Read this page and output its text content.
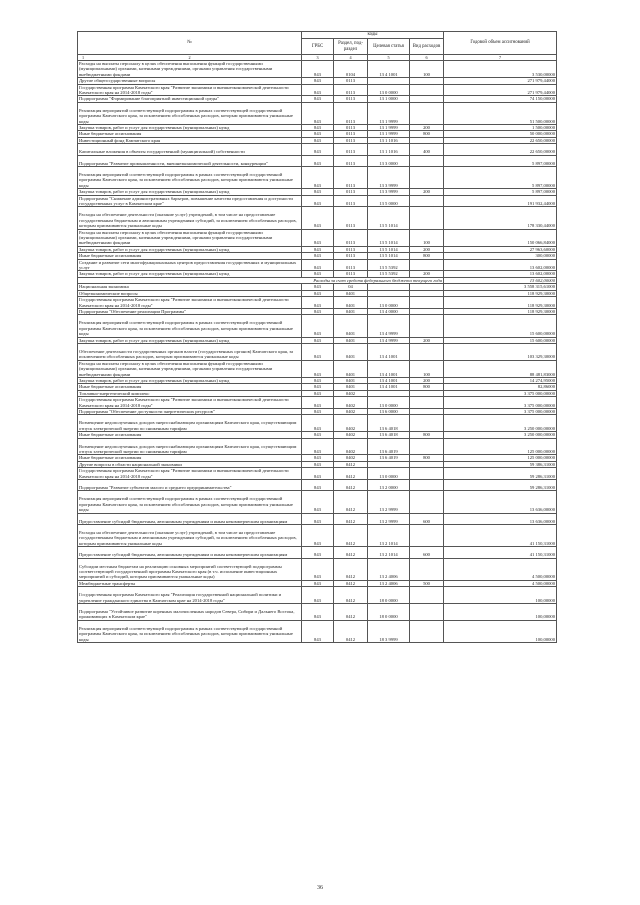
№	коды				Годовой объем ассигнований
	ГРБС	Раздел, под- раздел	Целевая статья	Вид расходов	

1 2	3	4	5	6	7
Расходы на выплаты персоналу в целях обеспечения выполнения функций государственными (муниципальными) органами, казенными учреждениями, органами управления государственными внебюджетными фондами	843	0104	13 4 1001	100	3 530,00000
Другие общегосударственные вопросы	843	0113			271 979,44000
Государственная программа Камчатского края "Развитие экономики и внешнеэкономической деятельности Камчатского края на 2014-2018 годы"	843	0113	13 0 0000		271 979,44000
Подпрограмма "Формирование благоприятной инвестиционной среды"	843	0113	13 1 0000		74 150,00000
Реализация мероприятий соответствующей подпрограммы в рамках соответствующей государственной программы Камчатского края, за исключением обособленных расходов, которым присваиваются уникальные коды	843	0113	13 1 9999		51 500,00000
Закупка товаров, работ и услуг для государственных (муниципальных) нужд	843	0113	13 1 9999	200	1 500,00000
Иные бюджетные ассигнования	843	0113	13 1 9999	800	50 000,00000
Инвестиционный фонд Камчатского края	843	0113	13 1 1016		22 650,00000
Капитальные вложения в объекты государственной (муниципальной) собственности	843	0113	13 1 1016	400	22 650,00000
Подпрограмма "Развитие промышленности, внешнеэкономической деятельности, конкуренции"	843	0113	13 3 0000		5 897,00000
Реализация мероприятий соответствующей подпрограммы в рамках соответствующей государственной программы Камчатского края, за исключением обособленных расходов, которым присваиваются уникальные коды	843	0113	13 3 9999		5 897,00000
Закупка товаров, работ и услуг для государственных (муниципальных) нужд	843	0113	13 3 9999	200	5 897,00000
Подпрограмма "Снижение административных барьеров, повышение качества предоставления и доступности государственных услуг в Камчатском крае"	843	0113	13 5 0000		191 932,44000
Расходы на обеспечение деятельности (оказание услуг) учреждений, в том числе на предоставление государственным бюджетным и автономным учреждениям субсидий, за исключением обособленных расходов, которым присваиваются уникальные коды	843	0113	13 5 1014		178 330,44000
Расходы на выплаты персоналу в целях обеспечения выполнения функций государственными (муниципальными) органами, казенными учреждениями, органами управления государственными внебюджетными фондами	843	0113	13 5 1014	100	150 066,84000
Закупка товаров, работ и услуг для государственных (муниципальных) нужд	843	0113	13 5 1014	200	27 963,60000
Иные бюджетные ассигнования	843	0113	13 5 1014	800	300,00000
Создание и развитие сети многофункциональных центров предоставления государственных и муниципальных услуг	843	0113	13 5 5392		13 602,00000
Закупка товаров, работ и услуг для государственных (муниципальных) нужд	843	0113	13 5 5392	200	13 602,00000
Расходы за счет средств федерального бюджета текущего года					13 602,00000
Национальная экономика	843	04			3 558 315,61000
Общеэкономические вопросы	843	0401			118 929,30000
Государственная программа Камчатского края "Развитие экономики и внешнеэкономической деятельности Камчатского края на 2014-2018 годы"	843	0401	13 0 0000		118 929,30000
Подпрограмма "Обеспечение реализации Программы"	843	0401	13 4 0000		118 929,30000
Реализация мероприятий соответствующей подпрограммы в рамках соответствующей государственной программы Камчатского края, за исключением обособленных расходов, которым присваиваются уникальные коды	843	0401	13 4 9999		15 600,00000
Закупка товаров, работ и услуг для государственных (муниципальных) нужд	843	0401	13 4 9999	200	15 600,00000
Обеспечение деятельности государственных органов власти (государственных органов) Камчатского края, за исключением обособленных расходов, которым присваиваются уникальные коды	843	0401	13 4 1001		103 329,30000
Расходы на выплаты персоналу в целях обеспечения выполнения функций государственными (муниципальными) органами, казенными учреждениями, органами управления государственными внебюджетными фондами	843	0401	13 4 1001	100	88 481,83000
Закупка товаров, работ и услуг для государственных (муниципальных) нужд	843	0401	13 4 1001	200	14 274,95000
Иные бюджетные ассигнования	843	0401	13 4 1001	800	82,86000
Топливно-энергетический комплекс	843	0402			3 375 000,00000
Государственная программа Камчатского края "Развитие экономики и внешнеэкономической деятельности Камчатского края на 2014-2018 годы"	843	0402	13 0 0000		3 375 000,00000
Подпрограмма "Обеспечение доступности энергетических ресурсов"	843	0402	13 6 0000		3 375 000,00000
Возмещение недополученных доходов энергоснабжающим организациям Камчатского края, осуществляющим отпуск электрической энергии по сниженным тарифам	843	0402	13 6 4018		3 250 000,00000
Иные бюджетные ассигнования	843	0402	13 6 4018	800	3 250 000,00000
Возмещение недополученных доходов энергоснабжающим организациям Камчатского края, осуществляющим отпуск электрической энергии по сниженным тарифам	843	0402	13 6 4019		125 000,00000
Иные бюджетные ассигнования	843	0402	13 6 4019	800	125 000,00000
Другие вопросы в области национальной экономики	843	0412			59 386,31000
Государственная программа Камчатского края "Развитие экономики и внешнеэкономической деятельности Камчатского края на 2014-2018 годы"	843	0412	13 0 0000		59 286,31000
Подпрограмма "Развитие субъектов малого и среднего предпринимательства"	843	0412	13 2 0000		59 286,31000
Реализация мероприятий соответствующей подпрограммы в рамках соответствующей государственной программы Камчатского края, за исключением обособленных расходов, которым присваиваются уникальные коды	843	0412	13 2 9999		13 636,00000
Предоставление субсидий бюджетным, автономным учреждениям и иным некоммерческим организациям	843	0412	13 2 9999	600	13 636,00000
Расходы на обеспечение деятельности (оказание услуг) учреждений, в том числе на предоставление государственным бюджетным и автономным учреждениям субсидий, за исключением обособленных расходов, которым присваиваются уникальные коды	843	0412	13 2 1014		41 150,31000
Предоставление субсидий бюджетным, автономным учреждениям и иным некоммерческим организациям	843	0412	13 2 1014	600	41 150,31000
Субсидии местным бюджетам на реализацию основных мероприятий соответствующей подпрограммы соответствующей государственной программы Камчатского края (в т.ч. исполнение инвестиционных мероприятий и субсидий, которым присваиваются уникальные коды)	843	0412	13 2 4006		4 500,00000
Межбюджетные трансферты	843	0412	13 2 4006	500	4 500,00000
Государственная программа Камчатского края "Реализация государственной национальной политики и укрепление гражданского единства в Камчатском крае на 2014-2018 годы"	843	0412	18 0 0000		100,00000
Подпрограмма "Устойчивое развитие коренных малочисленных народов Севера, Сибири и Дальнего Востока, проживающих в Камчатском крае"	843	0412	18 0 0000		100,00000
Реализация мероприятий соответствующей подпрограммы в рамках соответствующей государственной программы Камчатского края, за исключением обособленных расходов, которым присваиваются уникальные коды	843	0412	18 3 9999		100,00000
36
